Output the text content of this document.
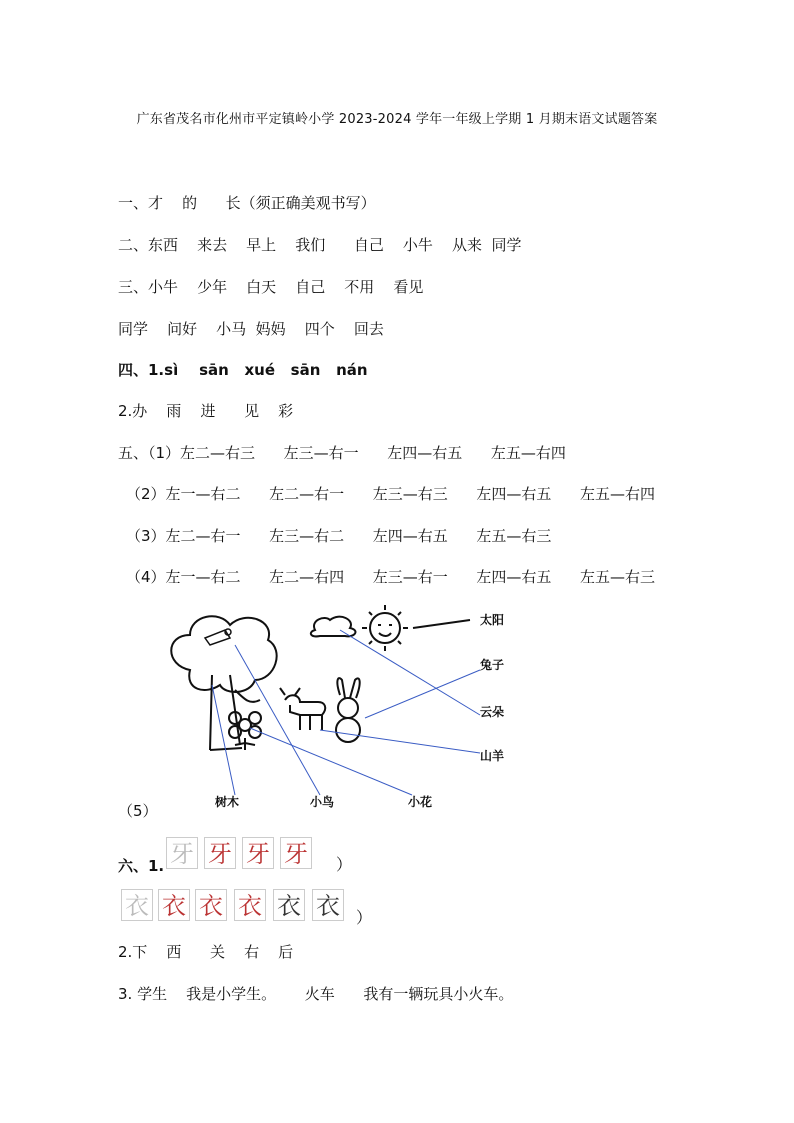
广东省茂名市化州市平定镇岭小学 2023-2024 学年一年级上学期 1 月期末语文试题答案
一、才    的      长（须正确美观书写）
二、东西    来去    早上    我们      自己    小牛    从来  同学
三、小牛    少年    白天    自己    不用    看见
同学    问好    小马  妈妈    四个    回去
四、1.sì    sān   xué   sān   nán
2.办    雨    进      见    彩
五、（1）左二—右三      左三—右一      左四—右五      左五—右四
（2）左一—右二      左二—右一      左三—右三      左四—右五      左五—右四
（3）左二—右一      左三—右二      左四—右五      左五—右三
（4）左一—右二      左二—右四      左三—右一      左四—右五      左五—右三
太阳
兔子
云朵
山羊
树木	小鸟	小花
（5）
六、1. 牙 牙 牙 牙 ）
衣 衣 衣 衣 衣 衣 ）
2.下    西      关    右    后
3. 学生    我是小学生。      火车      我有一辆玩具小火车。
